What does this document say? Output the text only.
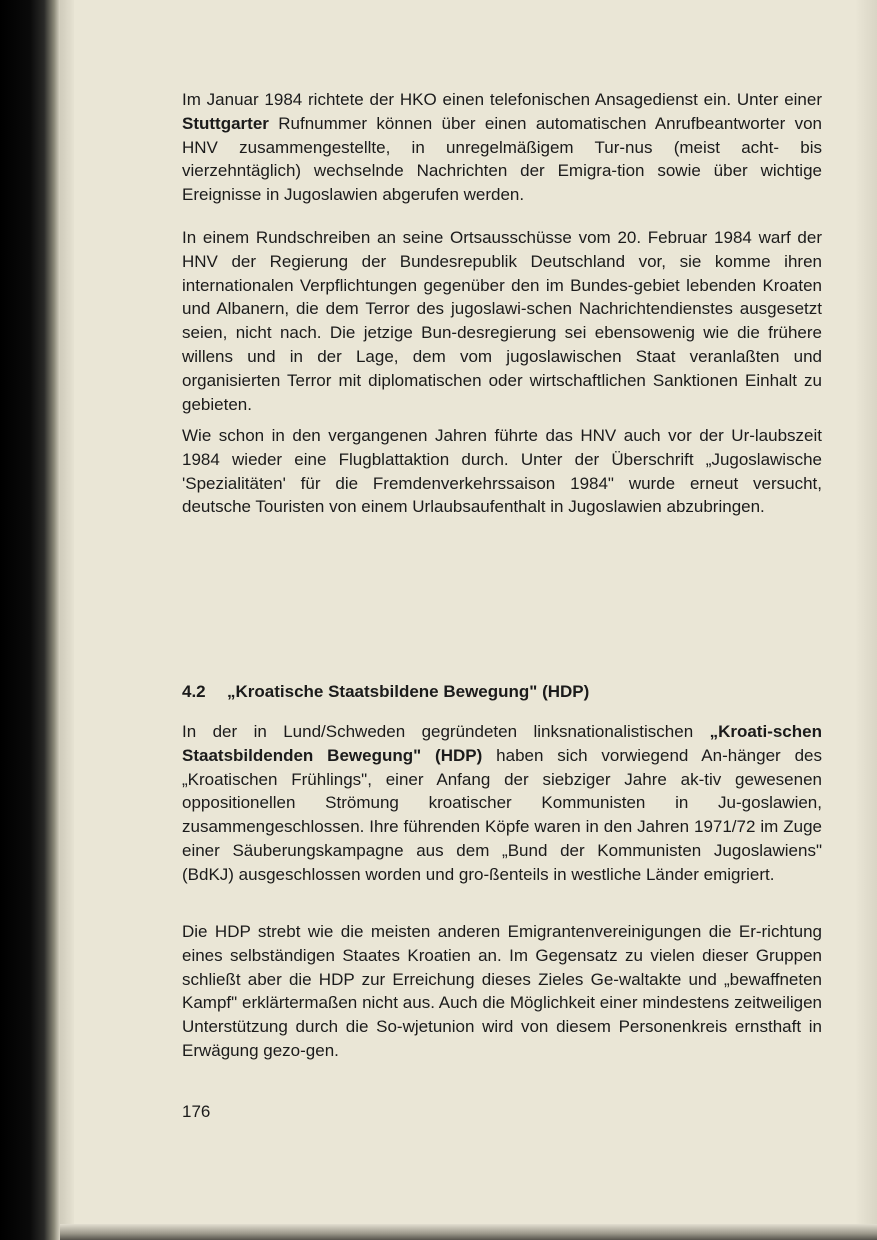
Im Januar 1984 richtete der HKO einen telefonischen Ansagedienst ein. Unter einer Stuttgarter Rufnummer können über einen automatischen Anrufbeantworter von HNV zusammengestellte, in unregelmäßigem Tur-nus (meist acht- bis vierzehntäglich) wechselnde Nachrichten der Emigra-tion sowie über wichtige Ereignisse in Jugoslawien abgerufen werden.

In einem Rundschreiben an seine Ortsausschüsse vom 20. Februar 1984 warf der HNV der Regierung der Bundesrepublik Deutschland vor, sie komme ihren internationalen Verpflichtungen gegenüber den im Bundes-gebiet lebenden Kroaten und Albanern, die dem Terror des jugoslawi-schen Nachrichtendienstes ausgesetzt seien, nicht nach. Die jetzige Bun-desregierung sei ebensowenig wie die frühere willens und in der Lage, dem vom jugoslawischen Staat veranlaßten und organisierten Terror mit diplomatischen oder wirtschaftlichen Sanktionen Einhalt zu gebieten.

Wie schon in den vergangenen Jahren führte das HNV auch vor der Ur-laubszeit 1984 wieder eine Flugblattaktion durch. Unter der Überschrift „Jugoslawische 'Spezialitäten' für die Fremdenverkehrssaison 1984" wurde erneut versucht, deutsche Touristen von einem Urlaubsaufenthalt in Jugoslawien abzubringen.

4.2 „Kroatische Staatsbildene Bewegung" (HDP)

In der in Lund/Schweden gegründeten linksnationalistischen „Kroati-schen Staatsbildenden Bewegung" (HDP) haben sich vorwiegend An-hänger des „Kroatischen Frühlings", einer Anfang der siebziger Jahre ak-tiv gewesenen oppositionellen Strömung kroatischer Kommunisten in Ju-goslawien, zusammengeschlossen. Ihre führenden Köpfe waren in den Jahren 1971/72 im Zuge einer Säuberungskampagne aus dem „Bund der Kommunisten Jugoslawiens" (BdKJ) ausgeschlossen worden und gro-ßenteils in westliche Länder emigriert.

Die HDP strebt wie die meisten anderen Emigrantenvereinigungen die Er-richtung eines selbständigen Staates Kroatien an. Im Gegensatz zu vielen dieser Gruppen schließt aber die HDP zur Erreichung dieses Zieles Ge-waltakte und „bewaffneten Kampf" erklärtermaßen nicht aus. Auch die Möglichkeit einer mindestens zeitweiligen Unterstützung durch die So-wjetunion wird von diesem Personenkreis ernsthaft in Erwägung gezo-gen.

176
